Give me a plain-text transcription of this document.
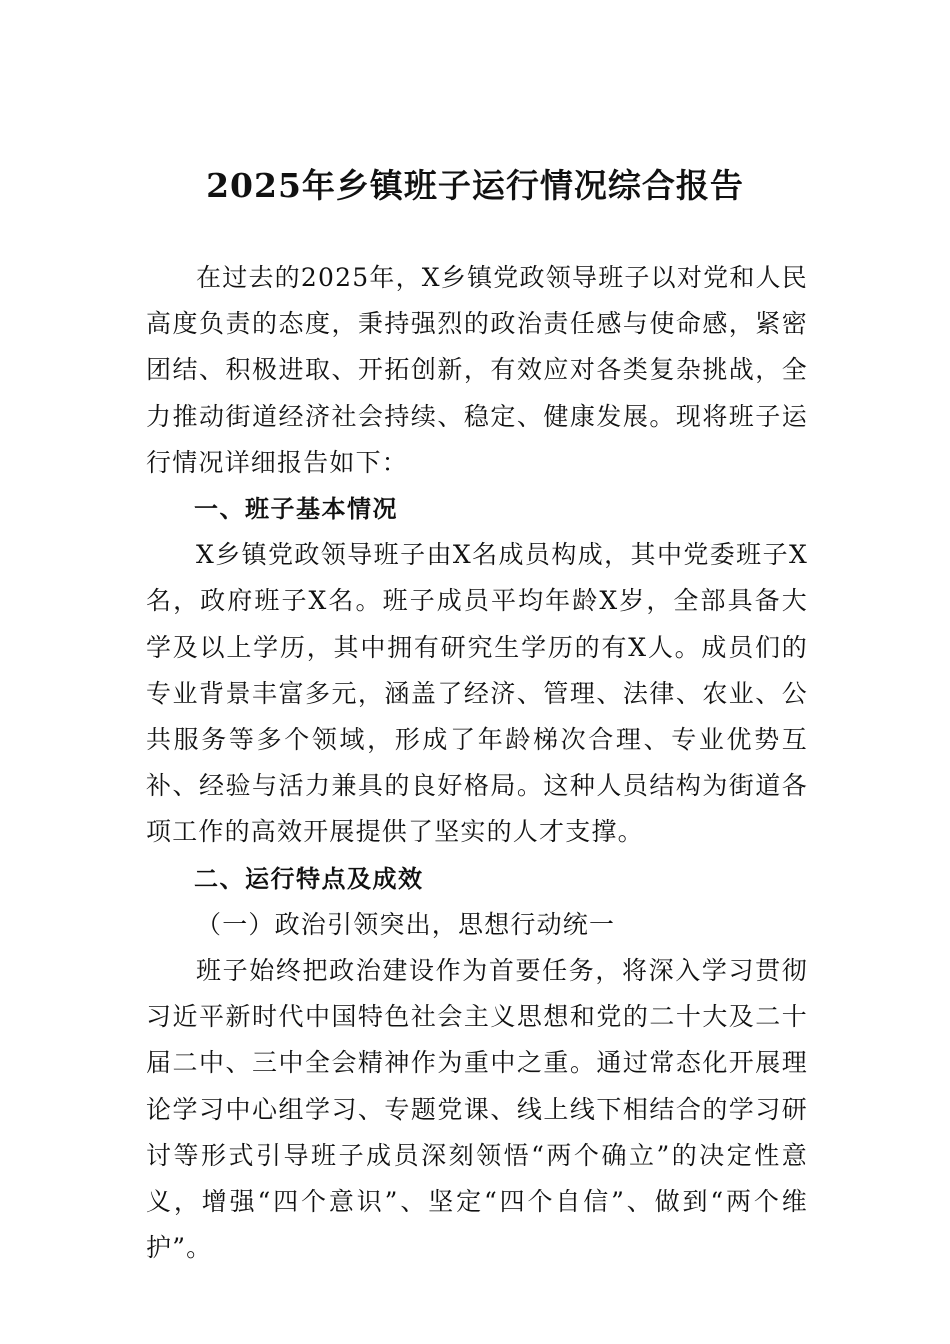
2025年乡镇班子运行情况综合报告

在过去的2025年，X乡镇党政领导班子以对党和人民高度负责的态度，秉持强烈的政治责任感与使命感，紧密团结、积极进取、开拓创新，有效应对各类复杂挑战，全力推动街道经济社会持续、稳定、健康发展。现将班子运行情况详细报告如下：

一、班子基本情况

X乡镇党政领导班子由X名成员构成，其中党委班子X名，政府班子X名。班子成员平均年龄X岁，全部具备大学及以上学历，其中拥有研究生学历的有X人。成员们的专业背景丰富多元，涵盖了经济、管理、法律、农业、公共服务等多个领域，形成了年龄梯次合理、专业优势互补、经验与活力兼具的良好格局。这种人员结构为街道各项工作的高效开展提供了坚实的人才支撑。

二、运行特点及成效

（一）政治引领突出，思想行动统一

班子始终把政治建设作为首要任务，将深入学习贯彻习近平新时代中国特色社会主义思想和党的二十大及二十届二中、三中全会精神作为重中之重。通过常态化开展理论学习中心组学习、专题党课、线上线下相结合的学习研讨等形式引导班子成员深刻领悟“两个确立”的决定性意义，增强“四个意识”、坚定“四个自信”、做到“两个维护”。
